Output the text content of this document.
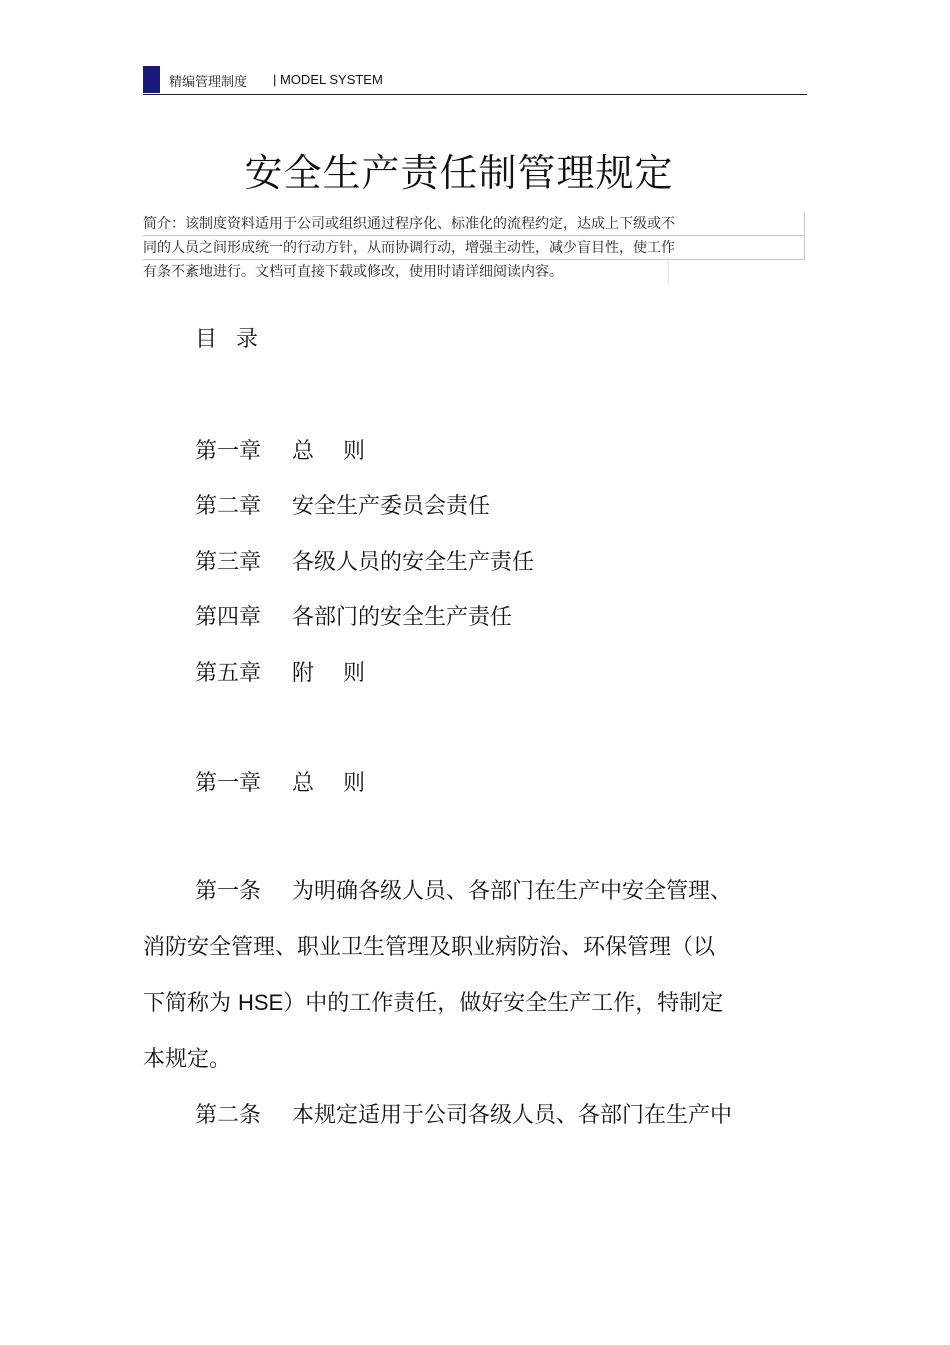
精编管理制度 | MODEL SYSTEM
安全生产责任制管理规定
简介：该制度资料适用于公司或组织通过程序化、标准化的流程约定，达成上下级或不
同的人员之间形成统一的行动方针，从而协调行动，增强主动性，减少盲目性，使工作
有条不紊地进行。文档可直接下载或修改，使用时请详细阅读内容。
目 录
第一章 总　 则
第二章 安全生产委员会责任
第三章 各级人员的安全生产责任
第四章 各部门的安全生产责任
第五章 附　 则
第一章 总　 则
第一条 为明确各级人员、各部门在生产中安全管理、
消防安全管理、职业卫生管理及职业病防治、环保管理（以
下简称为 HSE）中的工作责任，做好安全生产工作，特制定
本规定。
第二条 本规定适用于公司各级人员、各部门在生产中
